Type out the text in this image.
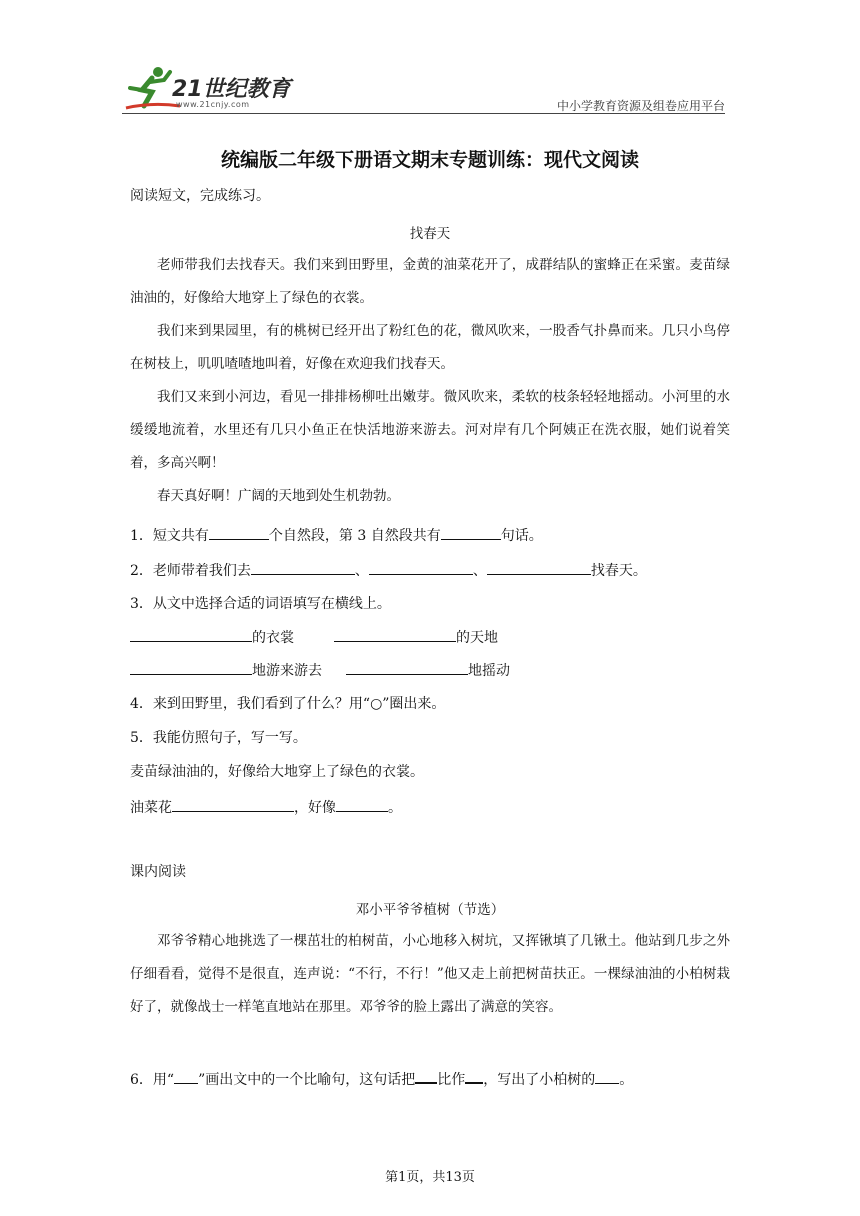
21世纪教育
www.21cnjy.com	中小学教育资源及组卷应用平台
统编版二年级下册语文期末专题训练：现代文阅读
阅读短文，完成练习。
找春天
老师带我们去找春天。我们来到田野里，金黄的油菜花开了，成群结队的蜜蜂正在采蜜。麦苗绿油油的，好像给大地穿上了绿色的衣裳。
我们来到果园里，有的桃树已经开出了粉红色的花，微风吹来，一股香气扑鼻而来。几只小鸟停在树枝上，叽叽喳喳地叫着，好像在欢迎我们找春天。
我们又来到小河边，看见一排排杨柳吐出嫩芽。微风吹来，柔软的枝条轻轻地摇动。小河里的水缓缓地流着，水里还有几只小鱼正在快活地游来游去。河对岸有几个阿姨正在洗衣服，她们说着笑着，多高兴啊！
春天真好啊！广阔的天地到处生机勃勃。
1．短文共有	个自然段，第 3 自然段共有	句话。
2．老师带着我们去	、	、	找春天。
3．从文中选择合适的词语填写在横线上。
的衣裳	的天地
地游来游去	地摇动
4．来到田野里，我们看到了什么？用“○”圈出来。
5．我能仿照句子，写一写。
麦苗绿油油的，好像给大地穿上了绿色的衣裳。
油菜花	，好像	。
课内阅读
邓小平爷爷植树（节选）
邓爷爷精心地挑选了一棵茁壮的柏树苗，小心地移入树坑，又挥锹填了几锹土。他站到几步之外仔细看看，觉得不是很直，连声说：“不行，不行！”他又走上前把树苗扶正。一棵绿油油的小柏树栽好了，就像战士一样笔直地站在那里。邓爷爷的脸上露出了满意的笑容。
6．用“ ”画出文中的一个比喻句，这句话把 比作 ，写出了小柏树的 。
第1页，共13页
